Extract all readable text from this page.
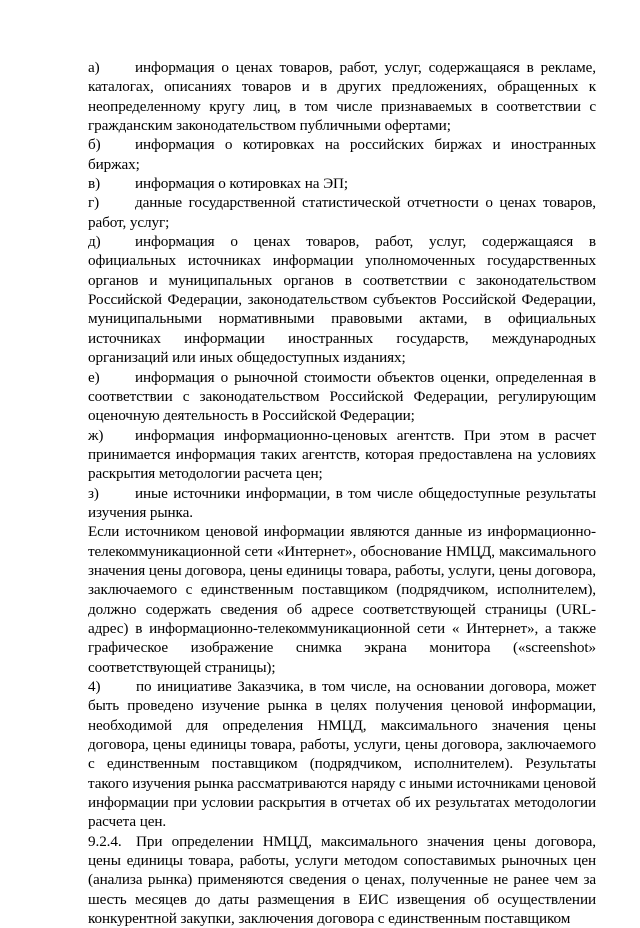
а) информация о ценах товаров, работ, услуг, содержащаяся в рекламе, каталогах, описаниях товаров и в других предложениях, обращенных к неопределенному кругу лиц, в том числе признаваемых в соответствии с гражданским законодательством публичными офертами;

б) информация о котировках на российских биржах и иностранных биржах;

в) информация о котировках на ЭП;

г) данные государственной статистической отчетности о ценах товаров, работ, услуг;

д) информация о ценах товаров, работ, услуг, содержащаяся в официальных источниках информации уполномоченных государственных органов и муниципальных органов в соответствии с законодательством Российской Федерации, законодательством субъектов Российской Федерации, муниципальными нормативными правовыми актами, в официальных источниках информации иностранных государств, международных организаций или иных общедоступных изданиях;

е) информация о рыночной стоимости объектов оценки, определенная в соответствии с законодательством Российской Федерации, регулирующим оценочную деятельность в Российской Федерации;

ж) информация информационно-ценовых агентств. При этом в расчет принимается информация таких агентств, которая предоставлена на условиях раскрытия методологии расчета цен;

з) иные источники информации, в том числе общедоступные результаты изучения рынка.

Если источником ценовой информации являются данные из информационно-телекоммуникационной сети «Интернет», обоснование НМЦД, максимального значения цены договора, цены единицы товара, работы, услуги, цены договора, заключаемого с единственным поставщиком (подрядчиком, исполнителем), должно содержать сведения об адресе соответствующей страницы (URL-адрес) в информационно-телекоммуникационной сети « Интернет», а также графическое изображение снимка экрана монитора («screenshot» соответствующей страницы);

4) по инициативе Заказчика, в том числе, на основании договора, может быть проведено изучение рынка в целях получения ценовой информации, необходимой для определения НМЦД, максимального значения цены договора, цены единицы товара, работы, услуги, цены договора, заключаемого с единственным поставщиком (подрядчиком, исполнителем). Результаты такого изучения рынка рассматриваются наряду с иными источниками ценовой информации при условии раскрытия в отчетах об их результатах методологии расчета цен.

9.2.4. При определении НМЦД, максимального значения цены договора, цены единицы товара, работы, услуги методом сопоставимых рыночных цен (анализа рынка) применяются сведения о ценах, полученные не ранее чем за шесть месяцев до даты размещения в ЕИС извещения об осуществлении конкурентной закупки, заключения договора с единственным поставщиком
